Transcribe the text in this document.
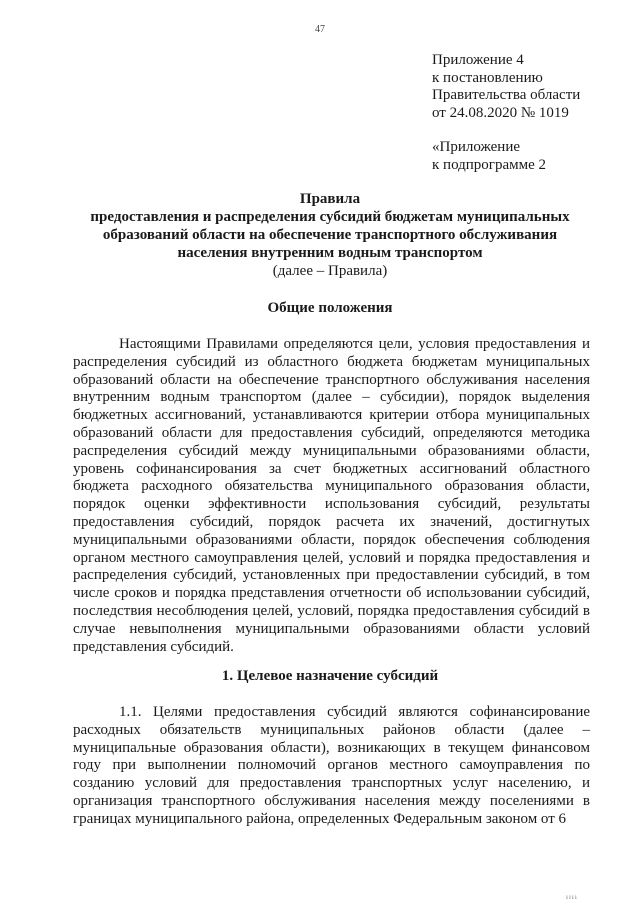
47
Приложение 4
к постановлению
Правительства области
от 24.08.2020 № 1019
«Приложение
к подпрограмме 2
Правила
предоставления и распределения субсидий бюджетам муниципальных
образований области на обеспечение транспортного обслуживания
населения внутренним водным транспортом
(далее – Правила)
Общие положения
Настоящими Правилами определяются цели, условия предоставления и распределения субсидий из областного бюджета бюджетам муниципальных образований области на обеспечение транспортного обслуживания населения внутренним водным транспортом (далее – субсидии), порядок выделения бюджетных ассигнований, устанавливаются критерии отбора муниципальных образований области для предоставления субсидий, определяются методика распределения субсидий между муниципальными образованиями области, уровень софинансирования за счет бюджетных ассигнований областного бюджета расходного обязательства муниципального образования области, порядок оценки эффективности использования субсидий, результаты предоставления субсидий, порядок расчета их значений, достигнутых муниципальными образованиями области, порядок обеспечения соблюдения органом местного самоуправления целей, условий и порядка предоставления и распределения субсидий, установленных при предоставлении субсидий, в том числе сроков и порядка представления отчетности об использовании субсидий, последствия несоблюдения целей, условий, порядка предоставления субсидий в случае невыполнения муниципальными образованиями области условий представления субсидий.
1. Целевое назначение субсидий
1.1. Целями предоставления субсидий являются софинансирование расходных обязательств муниципальных районов области (далее – муниципальные образования области), возникающих в текущем финансовом году при выполнении полномочий органов местного самоуправления по созданию условий для предоставления транспортных услуг населению, и организация транспортного обслуживания населения между поселениями в границах муниципального района, определенных Федеральным законом от 6
ıııı
